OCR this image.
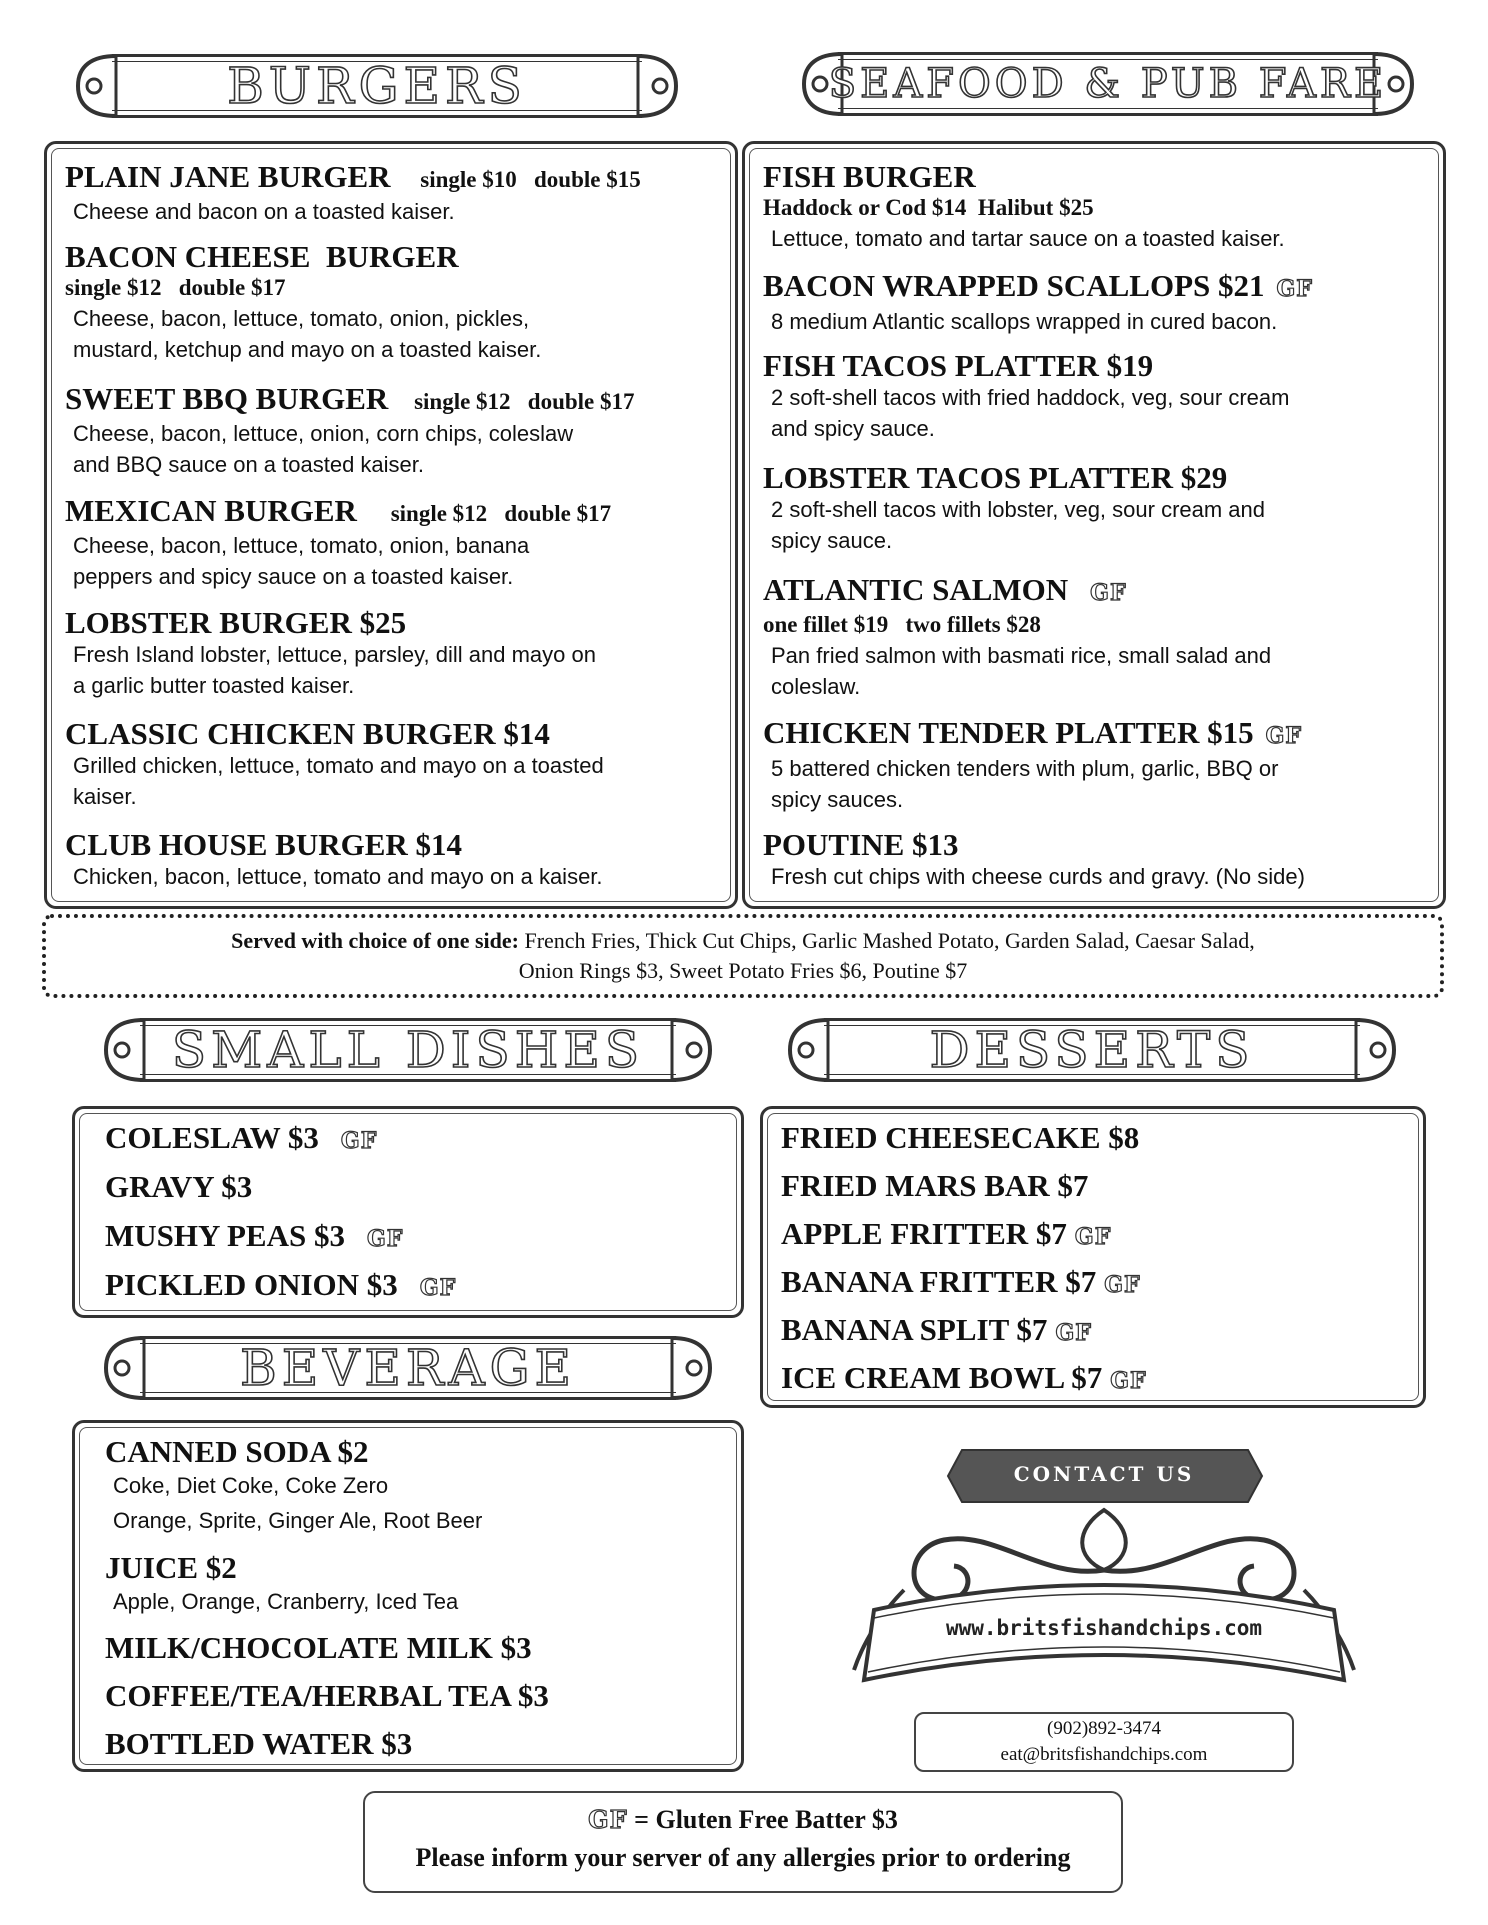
BURGERS	SEAFOOD & PUB FARE
SMALL DISHES	DESSERTS
BEVERAGE
PLAIN JANE BURGER single $10   double $15
Cheese and bacon on a toasted kaiser.
BACON CHEESE  BURGER
single $12   double $17
Cheese, bacon, lettuce, tomato, onion, pickles,
mustard, ketchup and mayo on a toasted kaiser.
SWEET BBQ BURGER single $12   double $17
Cheese, bacon, lettuce, onion, corn chips, coleslaw
and BBQ sauce on a toasted kaiser.
MEXICAN BURGER single $12   double $17
Cheese, bacon, lettuce, tomato, onion, banana
peppers and spicy sauce on a toasted kaiser.
LOBSTER BURGER $25
Fresh Island lobster, lettuce, parsley, dill and mayo on
a garlic butter toasted kaiser.
CLASSIC CHICKEN BURGER $14
Grilled chicken, lettuce, tomato and mayo on a toasted
kaiser.
CLUB HOUSE BURGER $14
Chicken, bacon, lettuce, tomato and mayo on a kaiser.
FISH BURGER
Haddock or Cod $14  Halibut $25
Lettuce, tomato and tartar sauce on a toasted kaiser.
BACON WRAPPED SCALLOPS $21 GF
8 medium Atlantic scallops wrapped in cured bacon.
FISH TACOS PLATTER $19
2 soft-shell tacos with fried haddock, veg, sour cream
and spicy sauce.
LOBSTER TACOS PLATTER $29
2 soft-shell tacos with lobster, veg, sour cream and
spicy sauce.
ATLANTIC SALMON GF
one fillet $19   two fillets $28
Pan fried salmon with basmati rice, small salad and
coleslaw.
CHICKEN TENDER PLATTER $15 GF
5 battered chicken tenders with plum, garlic, BBQ or
spicy sauces.
POUTINE $13
Fresh cut chips with cheese curds and gravy. (No side)
Served with choice of one side: French Fries, Thick Cut Chips, Garlic Mashed Potato, Garden Salad, Caesar Salad,
Onion Rings $3, Sweet Potato Fries $6, Poutine $7
COLESLAW $3 GF
GRAVY $3
MUSHY PEAS $3 GF
PICKLED ONION $3 GF
FRIED CHEESECAKE $8
FRIED MARS BAR $7
APPLE FRITTER $7 GF
BANANA FRITTER $7 GF
BANANA SPLIT $7 GF
ICE CREAM BOWL $7 GF
CANNED SODA $2
Coke, Diet Coke, Coke Zero
Orange, Sprite, Ginger Ale, Root Beer
JUICE $2
Apple, Orange, Cranberry, Iced Tea
MILK/CHOCOLATE MILK $3
COFFEE/TEA/HERBAL TEA $3
BOTTLED WATER $3
CONTACT US
www.britsfishandchips.com
(902)892-3474
eat@britsfishandchips.com
GF = Gluten Free Batter $3
Please inform your server of any allergies prior to ordering
